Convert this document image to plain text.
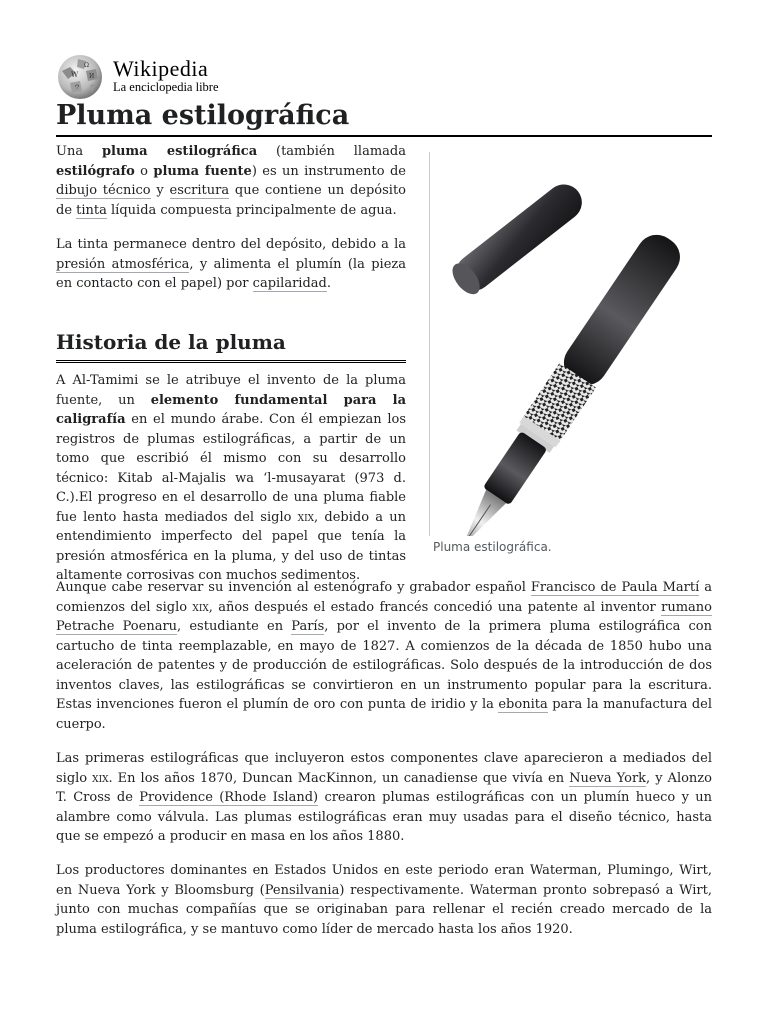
W
Ω
И
ウ
Wikipedia
La enciclopedia libre
Pluma estilográfica
Pluma estilográfica.

Una pluma estilográfica (también llamada estilógrafo o pluma fuente) es un instrumento de dibujo técnico y escritura que contiene un depósito de tinta líquida compuesta principalmente de agua.

La tinta permanece dentro del depósito, debido a la presión atmosférica, y alimenta el plumín (la pieza en contacto con el papel) por capilaridad.

Historia de la pluma

A Al-Tamimi se le atribuye el invento de la pluma fuente, un elemento fundamental para la caligrafía en el mundo árabe. Con él empiezan los registros de plumas estilográficas, a partir de un tomo que escribió él mismo con su desarrollo técnico: Kitab al-Majalis wa ‘l-musayarat (973 d. C.).El progreso en el desarrollo de una pluma fiable fue lento hasta mediados del siglo xix, debido a un entendimiento imperfecto del papel que tenía la presión atmosférica en la pluma, y del uso de tintas altamente corrosivas con muchos sedimentos.

Aunque cabe reservar su invención al estenógrafo y grabador español Francisco de Paula Martí a comienzos del siglo xix, años después el estado francés concedió una patente al inventor rumano Petrache Poenaru, estudiante en París, por el invento de la primera pluma estilográfica con cartucho de tinta reemplazable, en mayo de 1827. A comienzos de la década de 1850 hubo una aceleración de patentes y de producción de estilográficas. Solo después de la introducción de dos inventos claves, las estilográficas se convirtieron en un instrumento popular para la escritura. Estas invenciones fueron el plumín de oro con punta de iridio y la ebonita para la manufactura del cuerpo.

Las primeras estilográficas que incluyeron estos componentes clave aparecieron a mediados del siglo xix. En los años 1870, Duncan MacKinnon, un canadiense que vivía en Nueva York, y Alonzo T. Cross de Providence (Rhode Island) crearon plumas estilográficas con un plumín hueco y un alambre como válvula. Las plumas estilográficas eran muy usadas para el diseño técnico, hasta que se empezó a producir en masa en los años 1880.

Los productores dominantes en Estados Unidos en este periodo eran Waterman, Plumingo, Wirt, en Nueva York y Bloomsburg (Pensilvania) respectivamente. Waterman pronto sobrepasó a Wirt, junto con muchas compañías que se originaban para rellenar el recién creado mercado de la pluma estilográfica, y se mantuvo como líder de mercado hasta los años 1920.
